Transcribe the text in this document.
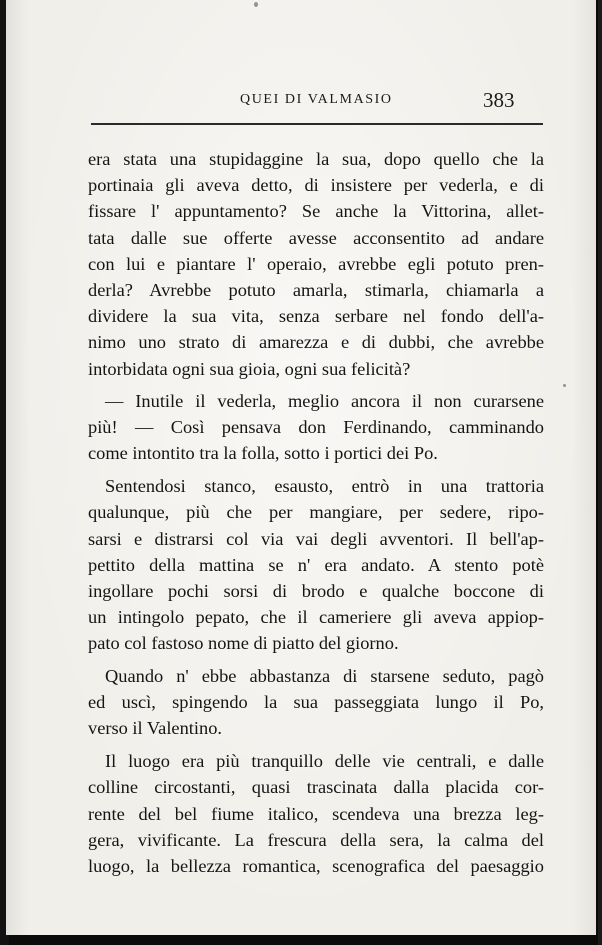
QUEI DI VALMASIO	383
era stata una stupidaggine la sua, dopo quello che la
portinaia gli aveva detto, di insistere per vederla, e di
fissare l' appuntamento? Se anche la Vittorina, allet-
tata dalle sue offerte avesse acconsentito ad andare
con lui e piantare l' operaio, avrebbe egli potuto pren-
derla? Avrebbe potuto amarla, stimarla, chiamarla a
dividere la sua vita, senza serbare nel fondo dell'a-
nimo uno strato di amarezza e di dubbi, che avrebbe
intorbidata ogni sua gioia, ogni sua felicità?
— Inutile il vederla, meglio ancora il non curarsene
più! — Così pensava don Ferdinando, camminando
come intontito tra la folla, sotto i portici dei Po.
Sentendosi stanco, esausto, entrò in una trattoria
qualunque, più che per mangiare, per sedere, ripo-
sarsi e distrarsi col via vai degli avventori. Il bell'ap-
pettito della mattina se n' era andato. A stento potè
ingollare pochi sorsi di brodo e qualche boccone di
un intingolo pepato, che il cameriere gli aveva appiop-
pato col fastoso nome di piatto del giorno.
Quando n' ebbe abbastanza di starsene seduto, pagò
ed uscì, spingendo la sua passeggiata lungo il Po,
verso il Valentino.
Il luogo era più tranquillo delle vie centrali, e dalle
colline circostanti, quasi trascinata dalla placida cor-
rente del bel fiume italico, scendeva una brezza leg-
gera, vivificante. La frescura della sera, la calma del
luogo, la bellezza romantica, scenografica del paesaggio
